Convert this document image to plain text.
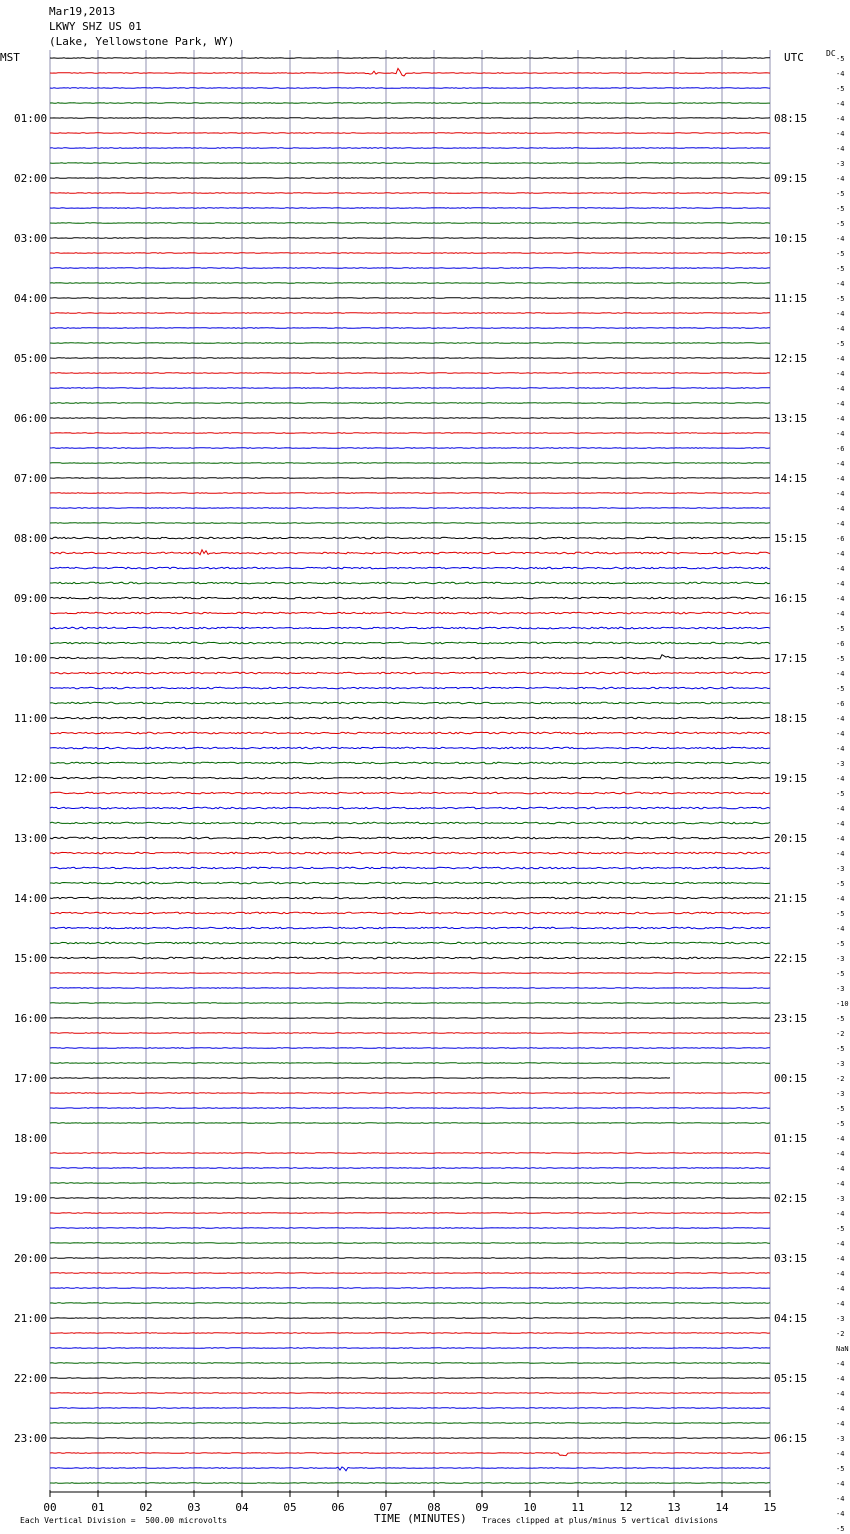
Mar19,2013
LKWY SHZ US 01
(Lake, Yellowstone Park, WY)
MST	UTC	DC
01:00
02:00
03:00
04:00
05:00
06:00
07:00
08:00
09:00
10:00
11:00
12:00
13:00
14:00
15:00
16:00
17:00
18:00
19:00
20:00
21:00
22:00
23:00
08:15
09:15
10:15
11:15
12:15
13:15
14:15
15:15
16:15
17:15
18:15
19:15
20:15
21:15
22:15
23:15
00:15
01:15
02:15
03:15
04:15
05:15
06:15
-5
-4
-5
-4
-4
-4
-4
-3
-4
-5
-5
-5
-4
-5
-5
-4
-5
-4
-4
-5
-4
-4
-4
-4
-4
-4
-6
-4
-4
-4
-4
-4
-6
-4
-4
-4
-4
-4
-5
-6
-5
-4
-5
-6
-4
-4
-4
-3
-4
-5
-4
-4
-4
-4
-3
-5
-4
-5
-4
-5
-3
-5
-3
-10
-5
-2
-5
-3
-2
-3
-5
-5
-4
-4
-4
-4
-3
-4
-5
-4
-4
-4
-4
-4
-3
-2
NaN
-4
-4
-4
-4
-4
-3
-4
-5
-4
-4
-4
-5
00	01	02	03	04	05	06	07	08	09	10	11	12	13	14	15
Each Vertical Division =  500.00 microvolts	TIME (MINUTES) Traces clipped at plus/minus 5 vertical divisions
